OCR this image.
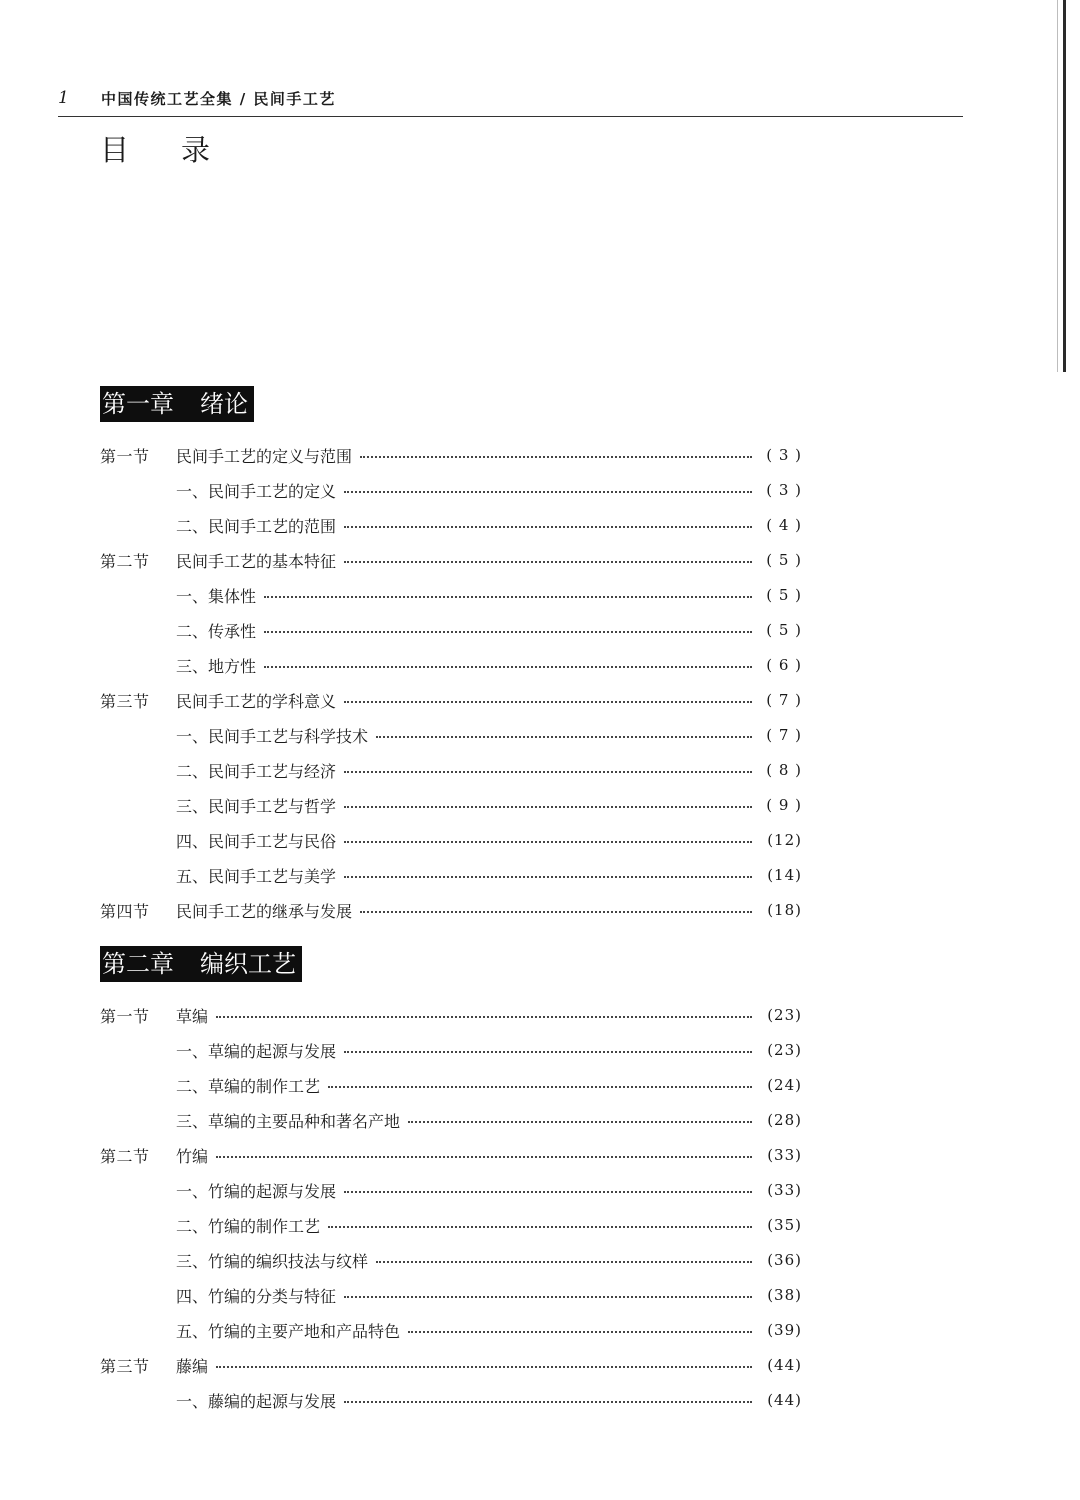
1 中国传统工艺全集 / 民间手工艺
目录
第一章 绪论
第一节	民间手工艺的定义与范围	( 3 )
一、民间手工艺的定义	( 3 )
二、民间手工艺的范围	( 4 )
第二节	民间手工艺的基本特征	( 5 )
一、集体性	( 5 )
二、传承性	( 5 )
三、地方性	( 6 )
第三节	民间手工艺的学科意义	( 7 )
一、民间手工艺与科学技术	( 7 )
二、民间手工艺与经济	( 8 )
三、民间手工艺与哲学	( 9 )
四、民间手工艺与民俗	(12)
五、民间手工艺与美学	(14)
第四节	民间手工艺的继承与发展	(18)
第二章 编织工艺
第一节	草编	(23)
一、草编的起源与发展	(23)
二、草编的制作工艺	(24)
三、草编的主要品种和著名产地	(28)
第二节	竹编	(33)
一、竹编的起源与发展	(33)
二、竹编的制作工艺	(35)
三、竹编的编织技法与纹样	(36)
四、竹编的分类与特征	(38)
五、竹编的主要产地和产品特色	(39)
第三节	藤编	(44)
一、藤编的起源与发展	(44)
